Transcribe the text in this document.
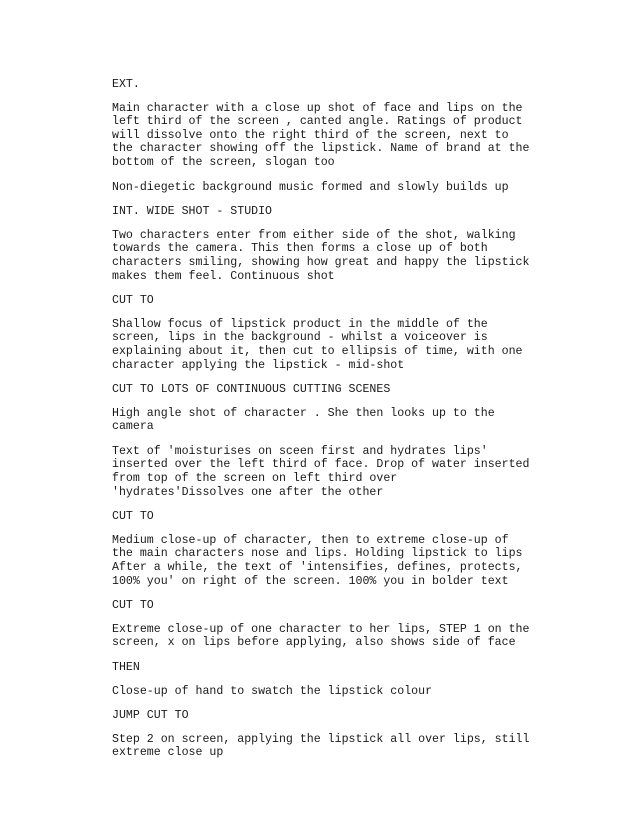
EXT.

Main character with a close up shot of face and lips on the
left third of the screen , canted angle. Ratings of product
will dissolve onto the right third of the screen, next to
the character showing off the lipstick. Name of brand at the
bottom of the screen, slogan too

Non-diegetic background music formed and slowly builds up

INT. WIDE SHOT - STUDIO

Two characters enter from either side of the shot, walking
towards the camera. This then forms a close up of both
characters smiling, showing how great and happy the lipstick
makes them feel. Continuous shot

CUT TO

Shallow focus of lipstick product in the middle of the
screen, lips in the background - whilst a voiceover is
explaining about it, then cut to ellipsis of time, with one
character applying the lipstick - mid-shot

CUT TO LOTS OF CONTINUOUS CUTTING SCENES

High angle shot of character . She then looks up to the
camera

Text of 'moisturises on sceen first and hydrates lips'
inserted over the left third of face. Drop of water inserted
from top of the screen on left third over
'hydrates'Dissolves one after the other

CUT TO

Medium close-up of character, then to extreme close-up of
the main characters nose and lips. Holding lipstick to lips
After a while, the text of 'intensifies, defines, protects,
100% you' on right of the screen. 100% you in bolder text

CUT TO

Extreme close-up of one character to her lips, STEP 1 on the
screen, x on lips before applying, also shows side of face

THEN

Close-up of hand to swatch the lipstick colour

JUMP CUT TO

Step 2 on screen, applying the lipstick all over lips, still
extreme close up
